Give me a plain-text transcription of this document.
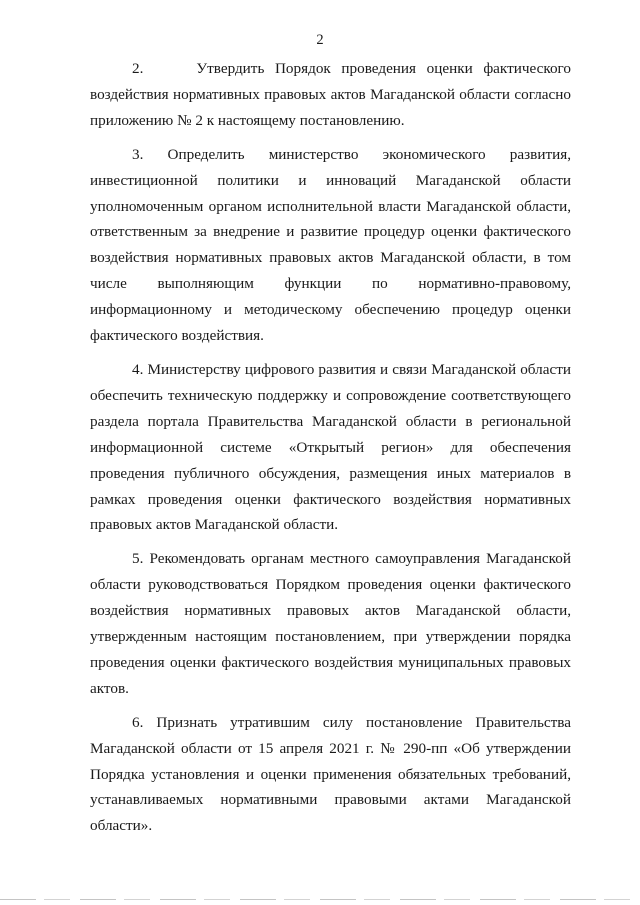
2

2.     Утвердить Порядок проведения оценки фактического воздействия нормативных правовых актов Магаданской области согласно приложению № 2 к настоящему постановлению.

3. Определить министерство экономического развития, инвестиционной политики и инноваций Магаданской области уполномоченным органом исполнительной власти Магаданской области, ответственным за внедрение и развитие процедур оценки фактического воздействия нормативных правовых актов Магаданской области, в том числе выполняющим функции по нормативно-правовому, информационному и методическому обеспечению процедур оценки фактического воздействия.

4. Министерству цифрового развития и связи Магаданской области обеспечить техническую поддержку и сопровождение соответствующего раздела портала Правительства Магаданской области в региональной информационной системе «Открытый регион» для обеспечения проведения публичного обсуждения, размещения иных материалов в рамках проведения оценки фактического воздействия нормативных правовых актов Магаданской области.

5. Рекомендовать органам местного самоуправления Магаданской области руководствоваться Порядком проведения оценки фактического воздействия нормативных правовых актов Магаданской области, утвержденным настоящим постановлением, при утверждении порядка проведения оценки фактического воздействия муниципальных правовых актов.

6. Признать утратившим силу постановление Правительства Магаданской области от 15 апреля 2021 г. № 290-пп «Об утверждении Порядка установления и оценки применения обязательных требований, устанавливаемых нормативными правовыми актами Магаданской области».
